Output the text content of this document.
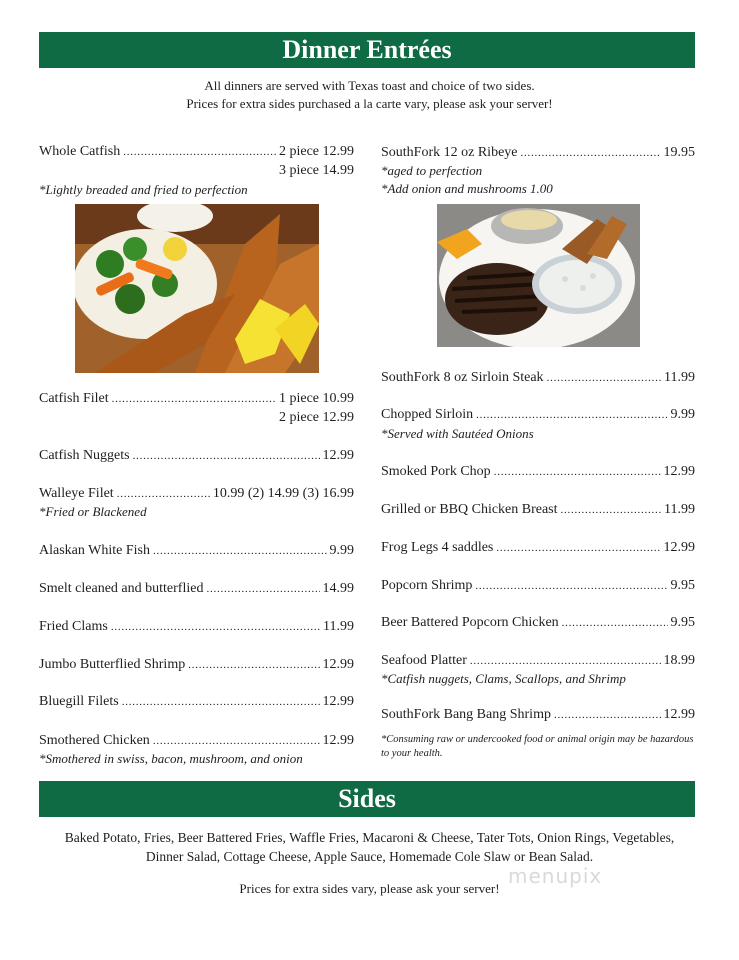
Dinner Entrées
All dinners are served with Texas toast and choice of two sides.
Prices for extra sides purchased a la carte vary, please ask your server!
Whole Catfish . . .	2 piece 12.99
3 piece 14.99
*Lightly breaded and fried to perfection
Catfish Filet . . .	1 piece 10.99
2 piece 12.99
Catfish Nuggets . . .	12.99
Walleye Filet . . .	10.99 (2) 14.99 (3) 16.99
*Fried or Blackened
Alaskan White Fish . . .	9.99
Smelt cleaned and butterflied . . .	14.99
Fried Clams . . .	11.99
Jumbo Butterflied Shrimp . . .	12.99
Bluegill Filets . . .	12.99
Smothered Chicken . . .	12.99
*Smothered in swiss, bacon, mushroom, and onion
SouthFork 12 oz Ribeye . . .	19.95
*aged to perfection
*Add onion and mushrooms 1.00
SouthFork 8 oz Sirloin Steak . . .	11.99
Chopped Sirloin . . .	9.99
*Served with Sautéed Onions
Smoked Pork Chop . . .	12.99
Grilled or BBQ Chicken Breast . . .	11.99
Frog Legs 4 saddles . . .	12.99
Popcorn Shrimp . . .	9.95
Beer Battered Popcorn Chicken . . .	9.95
Seafood Platter . . .	18.99
*Catfish nuggets, Clams, Scallops, and Shrimp
SouthFork Bang Bang Shrimp . . .	12.99
*Consuming raw or undercooked food or animal origin may be hazardous to your health.
Sides
Baked Potato, Fries, Beer Battered Fries, Waffle Fries, Macaroni & Cheese, Tater Tots, Onion Rings, Vegetables,
Dinner Salad, Cottage Cheese, Apple Sauce, Homemade Cole Slaw or Bean Salad.
Prices for extra sides vary, please ask your server!
menupix
